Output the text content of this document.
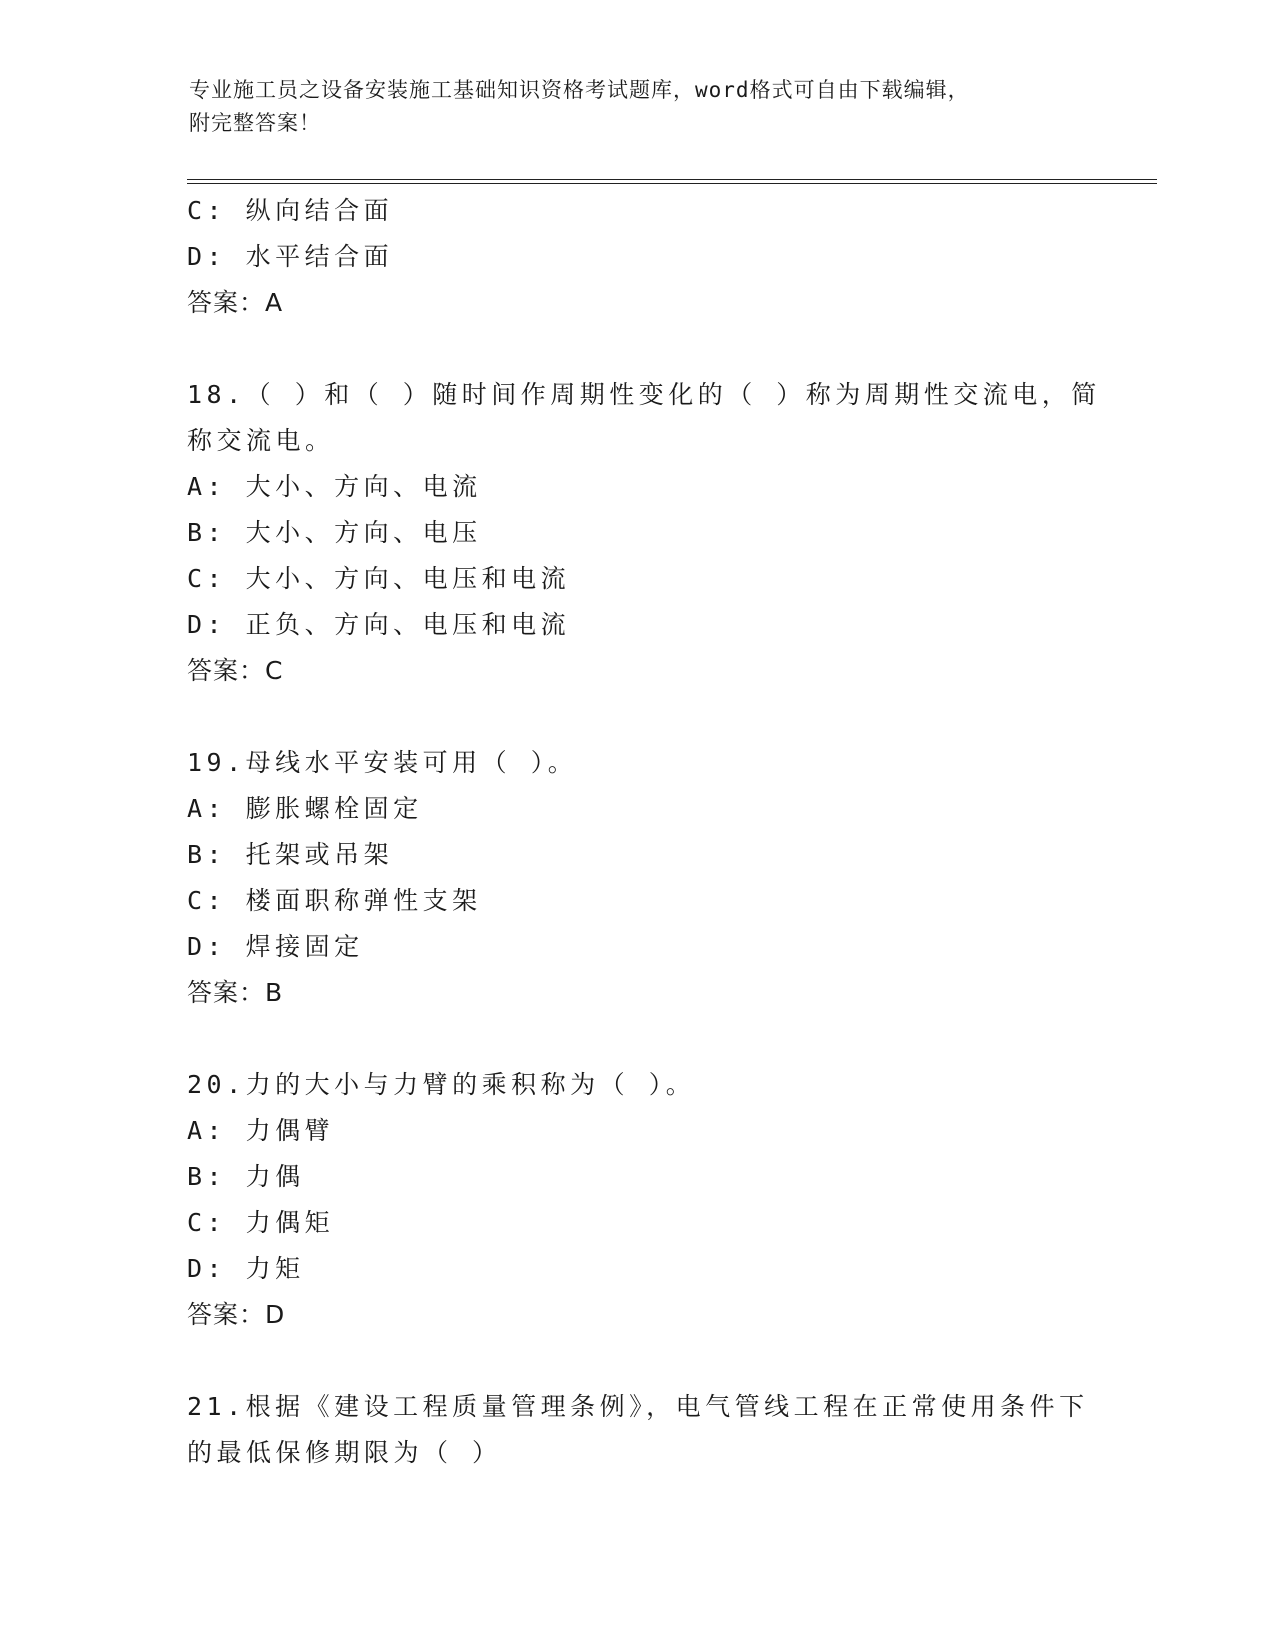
专业施工员之设备安装施工基础知识资格考试题库，word格式可自由下载编辑，
附完整答案！
C: 纵向结合面
D: 水平结合面
答案：A
18.（ ）和（ ）随时间作周期性变化的（ ）称为周期性交流电，简
称交流电。
A: 大小、方向、电流
B: 大小、方向、电压
C: 大小、方向、电压和电流
D: 正负、方向、电压和电流
答案：C
19.母线水平安装可用（ ）。
A: 膨胀螺栓固定
B: 托架或吊架
C: 楼面职称弹性支架
D: 焊接固定
答案：B
20.力的大小与力臂的乘积称为（ ）。
A: 力偶臂
B: 力偶
C: 力偶矩
D: 力矩
答案：D
21.根据《建设工程质量管理条例》，电气管线工程在正常使用条件下
的最低保修期限为（ ）
